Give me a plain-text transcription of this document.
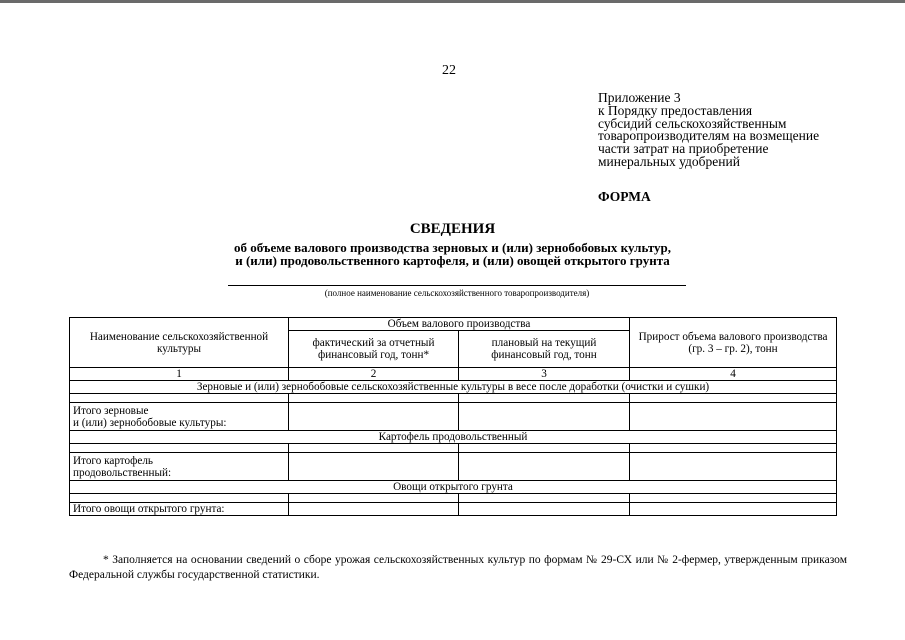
22
Приложение 3
к Порядку предоставления
субсидий сельскохозяйственным
товаропроизводителям на возмещение
части затрат на приобретение
минеральных удобрений
ФОРМА
СВЕДЕНИЯ
об объеме валового производства зерновых и (или) зернобобовых культур,
и (или) продовольственного картофеля, и (или) овощей открытого грунта
(полное наименование сельскохозяйственного товаропроизводителя)
Наименование сельскохозяйственной культуры	Объем валового производства		Прирост объема валового производства (гр. 3 – гр. 2), тонн
	фактический за отчетный финансовый год, тонн*	плановый на текущий финансовый год, тонн	
1	2	3	4
Зерновые и (или) зернобобовые сельскохозяйственные культуры в весе после доработки (очистки и сушки)			

Итого зерновые
и (или) зернобобовые культуры:			

Картофель продовольственный			

Итого картофель
продовольственный:			

Овощи открытого грунта			

Итого овощи открытого грунта:			
* Заполняется на основании сведений о сборе урожая сельскохозяйственных культур по формам № 29-СХ или № 2-фермер, утвержденным приказом Федеральной службы государственной статистики.
